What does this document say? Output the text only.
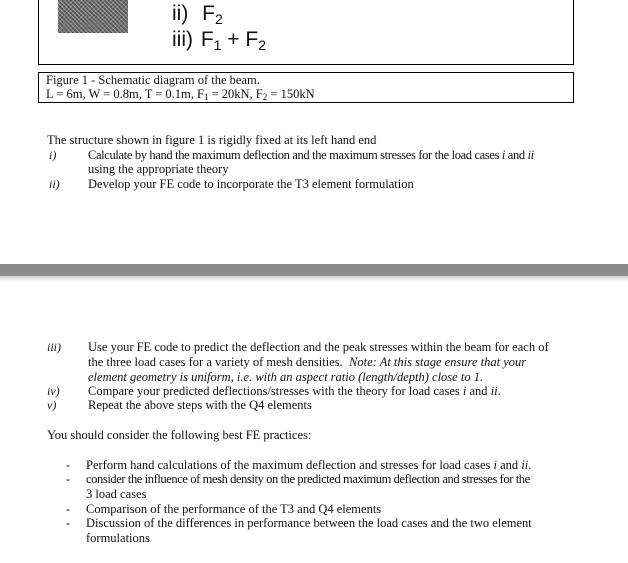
ii) $F_2$
iii) $F_1 + F_2$
Figure 1 - Schematic diagram of the beam.
L = 6m, W = 0.8m, T = 0.1m, $F_1 = 20kN$, $F_2 = 150kN$
The structure shown in figure 1 is rigidly fixed at its left hand end
i)	Calculate by hand the maximum deflection and the maximum stresses for the load cases i and ii
using the appropriate theory
ii) Develop your FE code to incorporate the T3 element formulation
iii) Use your FE code to predict the deflection and the peak stresses within the beam for each of
the three load cases for a variety of mesh densities.  Note: At this stage ensure that your
element geometry is uniform, i.e. with an aspect ratio (length/depth) close to 1.
iv) Compare your predicted deflections/stresses with the theory for load cases i and ii.
v)	Repeat the above steps with the Q4 elements
You should consider the following best FE practices:
- Perform hand calculations of the maximum deflection and stresses for load cases i and ii.
- consider the influence of mesh density on the predicted maximum deflection and stresses for the
3 load cases
- Comparison of the performance of the T3 and Q4 elements
- Discussion of the differences in performance between the load cases and the two element
formulations
